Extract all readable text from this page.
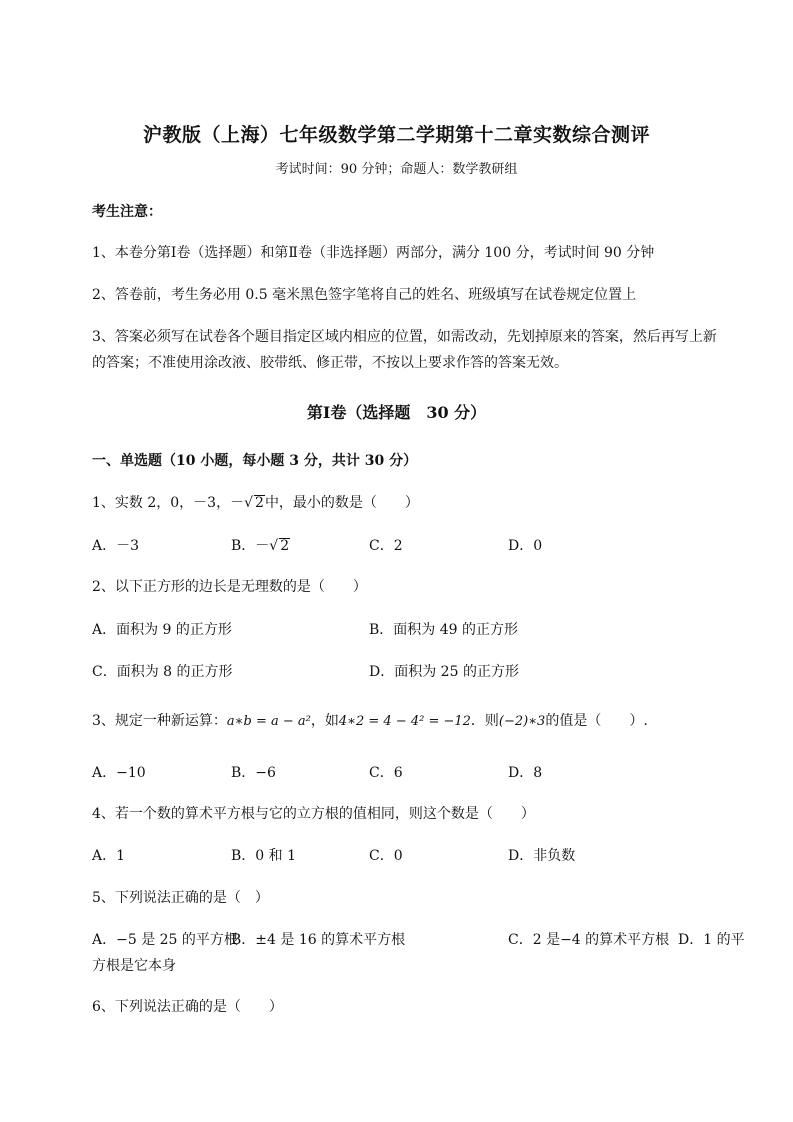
沪教版（上海）七年级数学第二学期第十二章实数综合测评
考试时间：90 分钟；命题人：数学教研组
考生注意：
1、本卷分第Ⅰ卷（选择题）和第Ⅱ卷（非选择题）两部分，满分 100 分，考试时间 90 分钟
2、答卷前，考生务必用 0.5 毫米黑色签字笔将自己的姓名、班级填写在试卷规定位置上
3、答案必须写在试卷各个题目指定区域内相应的位置，如需改动，先划掉原来的答案，然后再写上新
的答案；不准使用涂改液、胶带纸、修正带，不按以上要求作答的答案无效。
第Ⅰ卷（选择题　30 分）
一、单选题（10 小题，每小题 3 分，共计 30 分）
1、实数 2，0，－3，－√ 2中，最小的数是（　　）
A．－3	B．－√ 2	C．2	D．0
2、以下正方形的边长是无理数的是（　　）
A．面积为 9 的正方形	B．面积为 49 的正方形
C．面积为 8 的正方形	D．面积为 25 的正方形
3、规定一种新运算：a∗b = a − a²，如4∗2 = 4 − 4² = −12．则(−2)∗3的值是（　　）.
A．−10	B．−6	C．6	D．8
4、若一个数的算术平方根与它的立方根的值相同，则这个数是（　　）
A．1	B．0 和 1	C．0	D．非负数
5、下列说法正确的是（　）
A．−5 是 25 的平方根
B．±4 是 16 的算术平方根	C．2 是−4 的算术平方根 D．1 的平
方根是它本身
6、下列说法正确的是（　　）
